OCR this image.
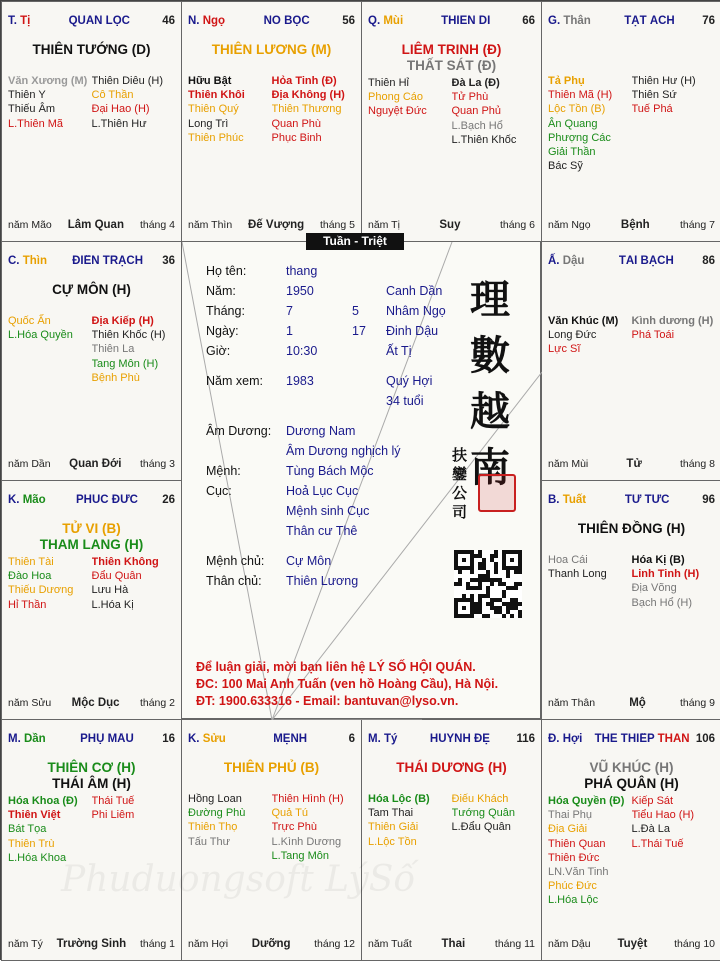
T. Tị	QUAN LỘC	46
THIÊN TƯỚNG (D)
Văn Xương (M)
Thiên Y
Thiếu Âm
L.Thiên Mã
Thiên Diêu (H)
Cô Thần
Đại Hao (H)
L.Thiên Hư
năm Mão	Lâm Quan	tháng 4
N. Ngọ	NÔ BỘC	56
THIÊN LƯƠNG (M)
Hữu Bật
Thiên Khôi
Thiên Quý
Long Trì
Thiên Phúc
Hỏa Tinh (Đ)
Địa Không (H)
Thiên Thương
Quan Phù
Phục Binh
năm Thìn	Đế Vượng	tháng 5
Q. Mùi	THIÊN DI	66
LIÊM TRINH (Đ)
THẤT SÁT (Đ)
Thiên Hỉ
Phong Cáo
Nguyệt Đức
Đà La (Đ)
Tử Phù
Quan Phủ
L.Bạch Hổ
L.Thiên Khốc
năm Tị	Suy	tháng 6
G. Thân	TẬT ÁCH	76
Tả Phụ
Thiên Mã (H)
Lộc Tồn (B)
Ân Quang
Phượng Các
Giải Thần
Bác Sỹ
Thiên Hư (H)
Thiên Sứ
Tuế Phá
năm Ngọ	Bệnh	tháng 7
C. Thìn	ĐIỀN TRẠCH	36
CỰ MÔN (H)
Quốc Ấn
L.Hóa Quyền
Địa Kiếp (H)
Thiên Khốc (H)
Thiên La
Tang Môn (H)
Bệnh Phù
năm Dần	Quan Đới	tháng 3
Ấ. Dậu	TÀI BẠCH	86
Văn Khúc (M)
Long Đức
Lực Sĩ
Kình dương (H)
Phá Toái
năm Mùi	Tử	tháng 8
K. Mão	PHÚC ĐỨC	26
TỬ VI (B)
THAM LANG (H)
Thiên Tài
Đào Hoa
Thiếu Dương
Hỉ Thần
Thiên Không
Đẩu Quân
Lưu Hà
L.Hóa Kị
năm Sửu	Mộc Dục	tháng 2
B. Tuất	TỬ TỨC	96
THIÊN ĐỒNG (H)
Hoa Cái
Thanh Long
Hóa Kị (B)
Linh Tinh (H)
Địa Võng
Bạch Hổ (H)
năm Thân	Mộ	tháng 9
M. Dần	PHỤ MẪU	16
THIÊN CƠ (H)
THÁI ÂM (H)
Hóa Khoa (Đ)
Thiên Việt
Bát Tọa
Thiên Trù
L.Hóa Khoa
Thái Tuế
Phi Liêm
năm Tý	Trường Sinh	tháng 1
K. Sửu	MỆNH	6
THIÊN PHỦ (B)
Hồng Loan
Đường Phù
Thiên Thọ
Tấu Thư
Thiên Hình (H)
Quả Tú
Trực Phù
L.Kình Dương
L.Tang Môn
năm Hợi	Dưỡng	tháng 12
M. Tý	HUYNH ĐỆ	116
THÁI DƯƠNG (H)
Hóa Lộc (B)
Tam Thai
Thiên Giải
L.Lộc Tồn
Điếu Khách
Tướng Quân
L.Đẩu Quân
năm Tuất	Thai	tháng 11
Đ. Hợi THÊ THIẾP THÂN 106
VŨ KHÚC (H)
PHÁ QUÂN (H)
Hóa Quyền (Đ)
Thai Phụ
Địa Giải
Thiên Quan
Thiên Đức
LN.Văn Tinh
Phúc Đức
L.Hóa Lộc
Kiếp Sát
Tiểu Hao (H)
L.Đà La
L.Thái Tuế
năm Dậu	Tuyệt	tháng 10
Họ tên:	thang
Năm:	1950	Canh Dần
Tháng:	7	5 Nhâm Ngọ
Ngày:	1	17 Đinh Dậu
Giờ:	10:30	Ất Tị
Năm xem: 1983	Quý Hợi
34 tuổi
Âm Dương: Dương Nam
Âm Dương nghịch lý
Mệnh:	Tùng Bách Mộc
Cục:	Hoả Lục Cục
Mệnh sinh Cục
Thân cư Thê
Mệnh chủ: Cự Môn
Thân chủ: Thiên Lương
理
數
越
南
扶
鑾
公
司
Để luận giải, mời bạn liên hệ LÝ SỐ HỘI QUÁN.
ĐC: 100 Mai Anh Tuấn (ven hồ Hoàng Cầu), Hà Nội.
ĐT: 1900.633316 - Email: bantuvan@lyso.vn.
Tuần - Triệt
